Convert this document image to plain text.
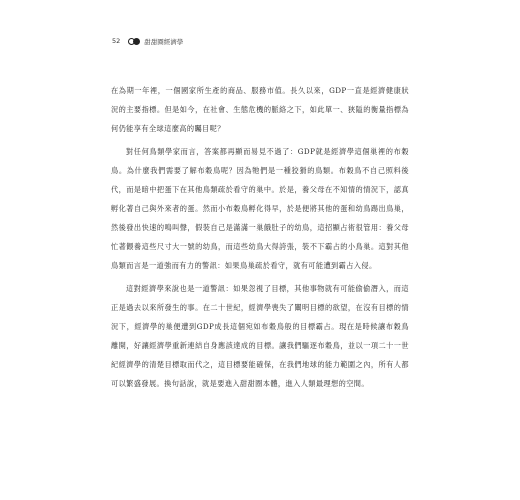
52	甜甜圈經濟學

在為期一年裡，一個國家所生產的商品、服務市值。長久以來，GDP一直是經濟健康狀況的主要指標。但是如今，在社會、生態危機的脈絡之下，如此單一、狹隘的衡量指標為何仍能享有全球這麼高的矚目呢？

對任何鳥類學家而言，答案都再顯而易見不過了：GDP就是經濟學這個巢裡的布穀鳥。為什麼我們需要了解布穀鳥呢？因為牠們是一種狡猾的鳥類。布穀鳥不自己照料後代，而是暗中把蛋下在其他鳥類疏於看守的巢中。於是，養父母在不知情的情況下，認真孵化著自己與外來者的蛋。然而小布穀鳥孵化得早，於是便將其他的蛋和幼鳥踢出鳥巢，然後發出快速的鳴叫聲，假裝自己是滿滿一巢餓肚子的幼鳥，這招顯占術很管用：養父母忙著餵養這些尺寸大一號的幼鳥，而這些幼鳥大得誇張，裝不下霸占的小鳥巢。這對其他鳥類而言是一道強而有力的警訊：如果鳥巢疏於看守，就有可能遭到霸占入侵。

這對經濟學來說也是一道警訊：如果忽視了目標，其他事物就有可能偷偷潛入，而這正是過去以來所發生的事。在二十世紀，經濟學喪失了闡明目標的欲望，在沒有目標的情況下，經濟學的巢便遭到GDP成長這個宛如布穀鳥般的目標霸占。現在是時候讓布穀鳥離開，好讓經濟學重新連結自身應該達成的目標。讓我們驅逐布穀鳥，並以一項二十一世紀經濟學的清楚目標取而代之，這目標要能確保，在我們地球的能力範圍之內，所有人都可以繁盛發展。換句話說，就是要進入甜甜圈本體，進入人類最理想的空間。
